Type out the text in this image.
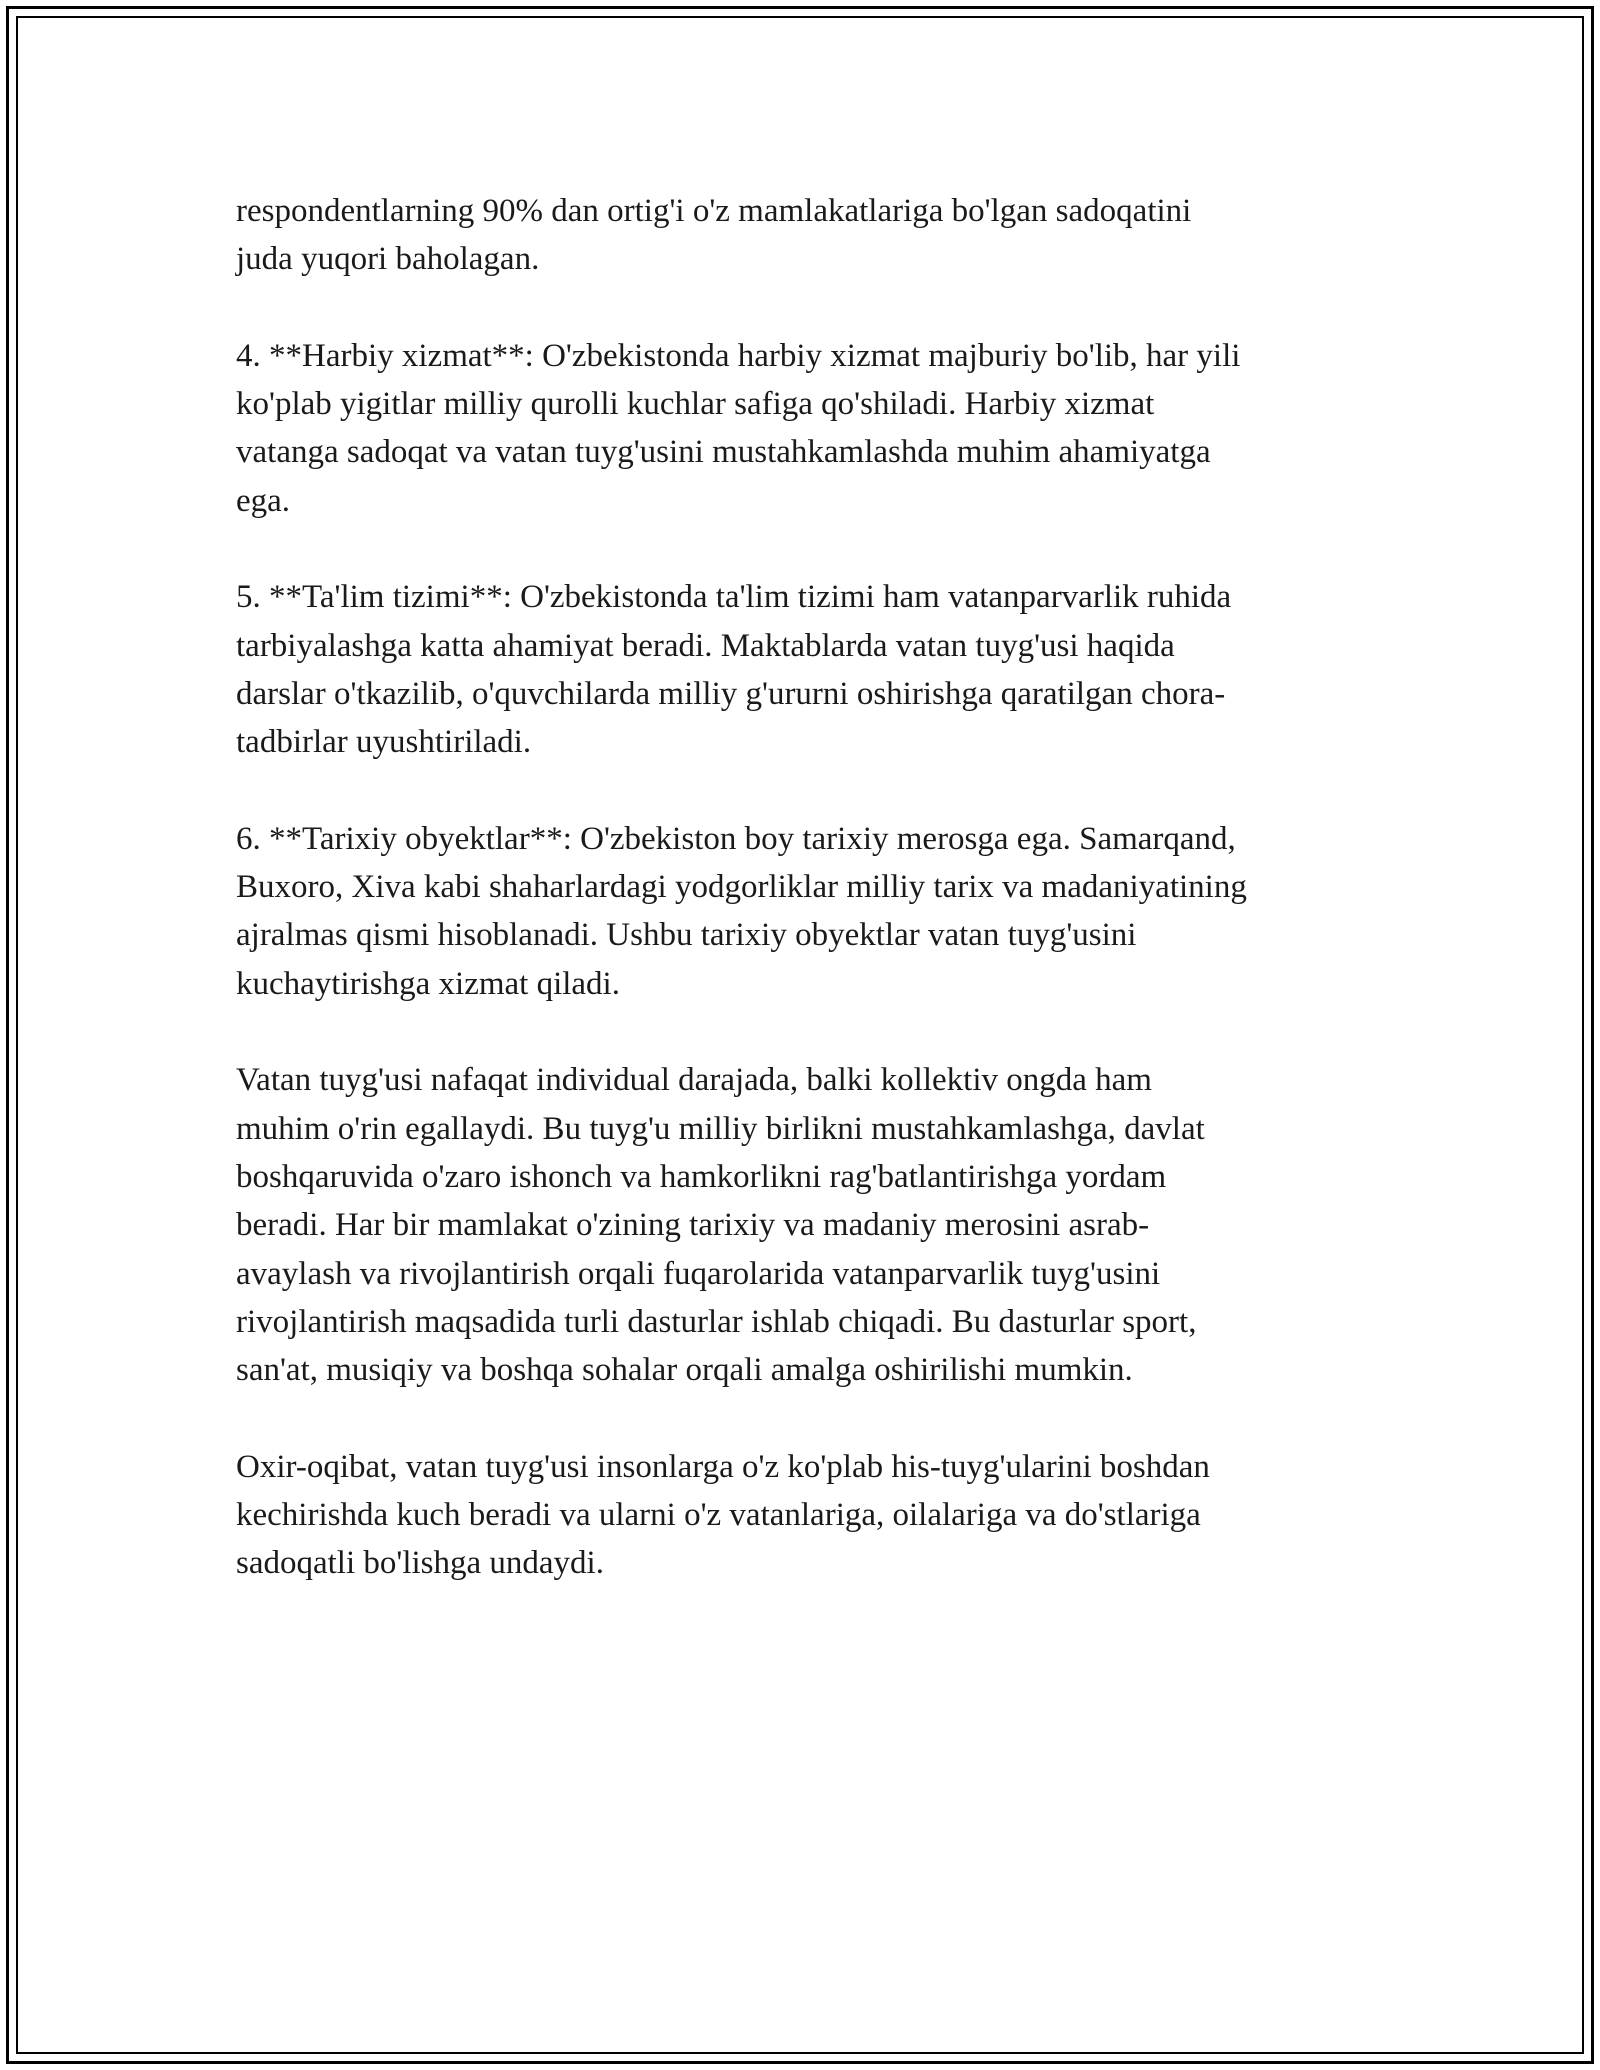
respondentlarning 90% dan ortig'i o'z mamlakatlariga bo'lgan sadoqatini
juda yuqori baholagan.
4. **Harbiy xizmat**: O'zbekistonda harbiy xizmat majburiy bo'lib, har yili
ko'plab yigitlar milliy qurolli kuchlar safiga qo'shiladi. Harbiy xizmat
vatanga sadoqat va vatan tuyg'usini mustahkamlashda muhim ahamiyatga
ega.
5. **Ta'lim tizimi**: O'zbekistonda ta'lim tizimi ham vatanparvarlik ruhida
tarbiyalashga katta ahamiyat beradi. Maktablarda vatan tuyg'usi haqida
darslar o'tkazilib, o'quvchilarda milliy g'ururni oshirishga qaratilgan chora-
tadbirlar uyushtiriladi.
6. **Tarixiy obyektlar**: O'zbekiston boy tarixiy merosga ega. Samarqand,
Buxoro, Xiva kabi shaharlardagi yodgorliklar milliy tarix va madaniyatining
ajralmas qismi hisoblanadi. Ushbu tarixiy obyektlar vatan tuyg'usini
kuchaytirishga xizmat qiladi.
Vatan tuyg'usi nafaqat individual darajada, balki kollektiv ongda ham
muhim o'rin egallaydi. Bu tuyg'u milliy birlikni mustahkamlashga, davlat
boshqaruvida o'zaro ishonch va hamkorlikni rag'batlantirishga yordam
beradi. Har bir mamlakat o'zining tarixiy va madaniy merosini asrab-
avaylash va rivojlantirish orqali fuqarolarida vatanparvarlik tuyg'usini
rivojlantirish maqsadida turli dasturlar ishlab chiqadi. Bu dasturlar sport,
san'at, musiqiy va boshqa sohalar orqali amalga oshirilishi mumkin.
Oxir-oqibat, vatan tuyg'usi insonlarga o'z ko'plab his-tuyg'ularini boshdan
kechirishda kuch beradi va ularni o'z vatanlariga, oilalariga va do'stlariga
sadoqatli bo'lishga undaydi.
